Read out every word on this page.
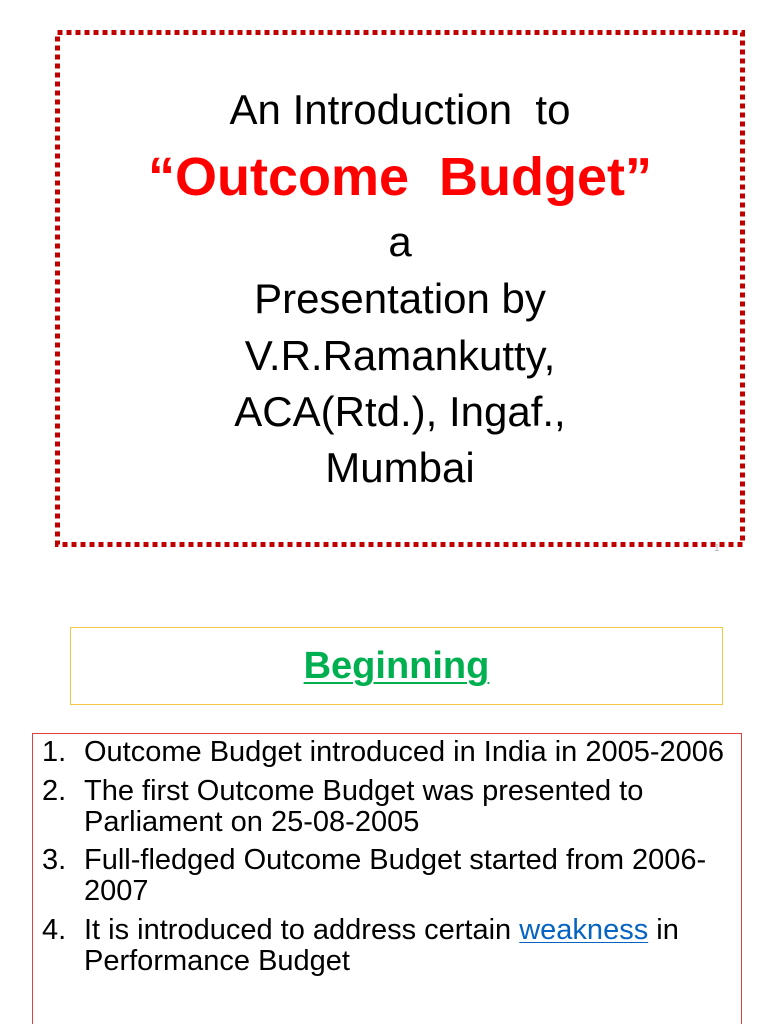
An Introduction  to
“Outcome  Budget”
a
Presentation by
V.R.Ramankutty,
ACA(Rtd.), Ingaf.,
Mumbai
1
Beginning
1. Outcome Budget introduced in India in 2005-2006
2. The first Outcome Budget was presented to
Parliament on 25-08-2005
3. Full-fledged Outcome Budget started from 2006-
2007
4. It is introduced to address certain weakness in
Performance Budget
